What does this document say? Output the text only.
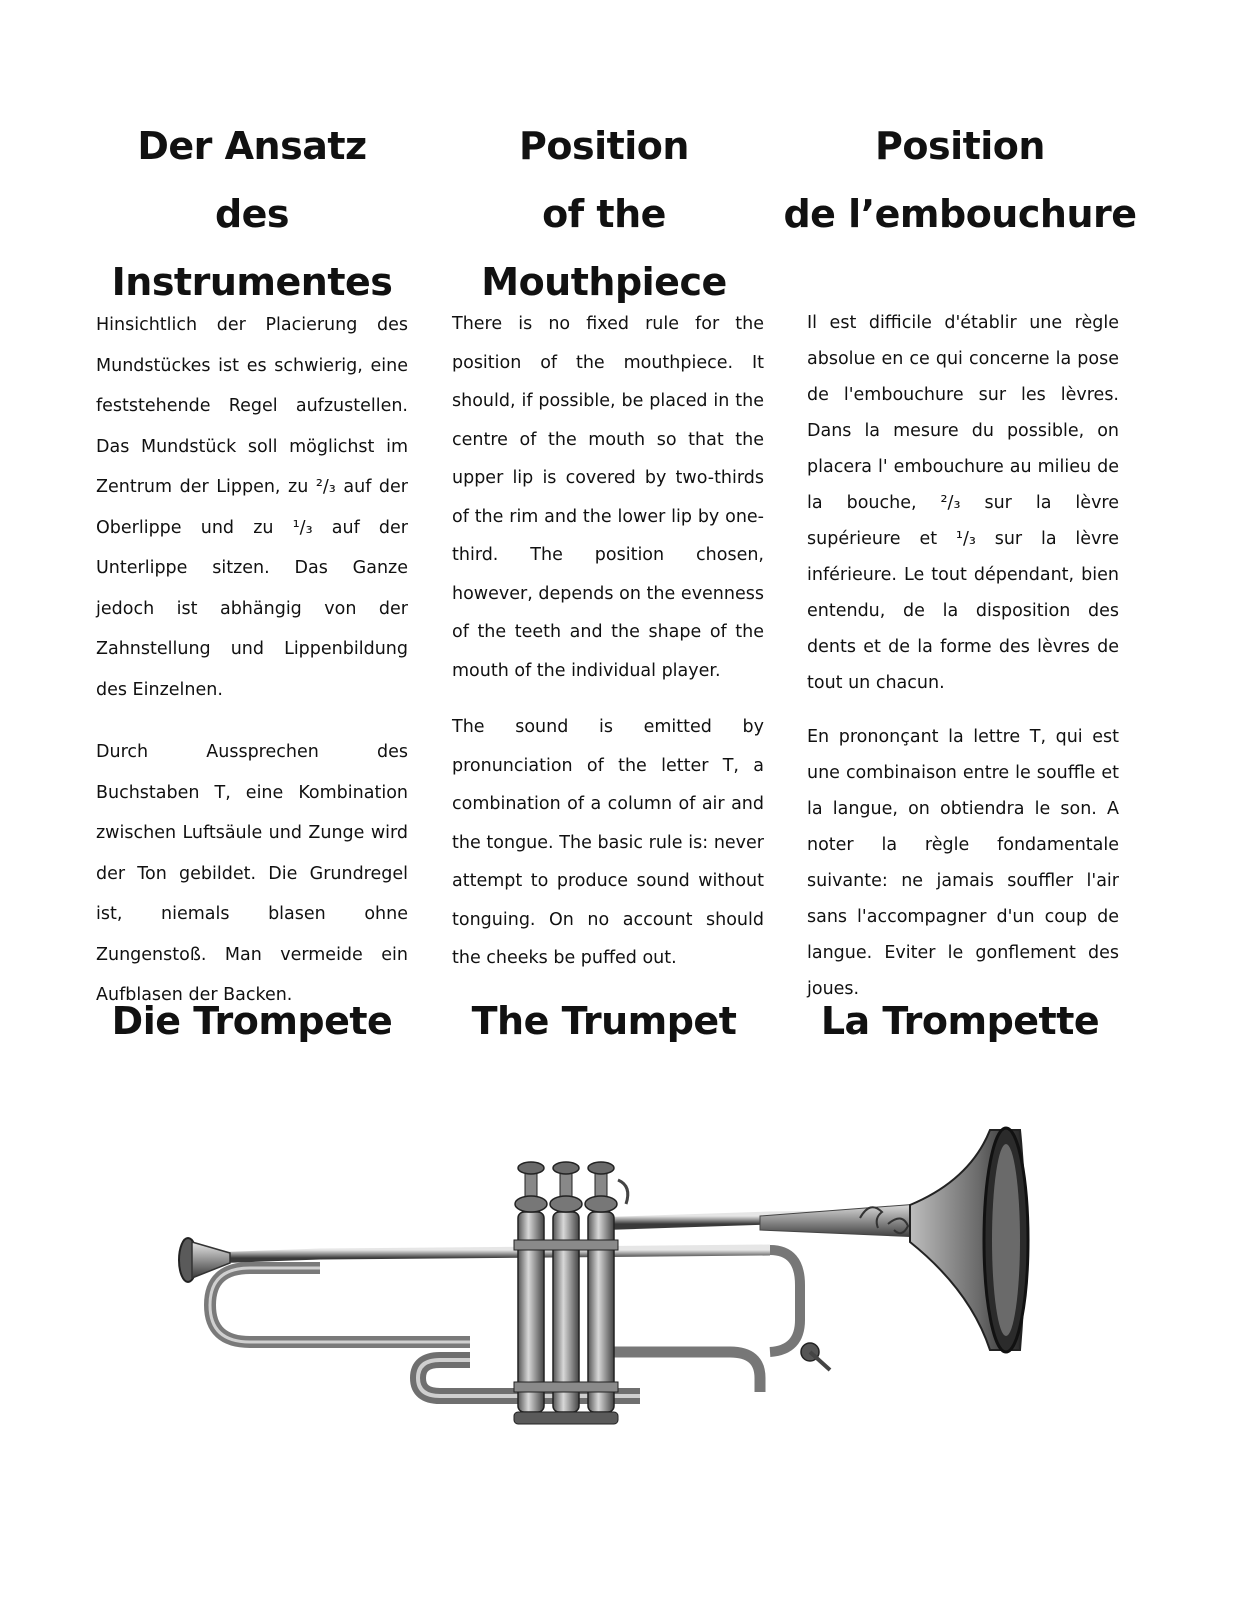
Der Ansatz
des Instrumentes
Position
of the Mouthpiece
Position
de l’embouchure

Hinsichtlich der Placierung des Mundstückes ist es schwierig, eine feststehende Regel aufzustellen. Das Mundstück soll möglichst im Zentrum der Lippen, zu ²/₃ auf der Oberlippe und zu ¹/₃ auf der Unterlippe sitzen. Das Ganze jedoch ist abhängig von der Zahnstellung und Lippenbildung des Einzelnen.

Durch Aussprechen des Buchstaben T, eine Kombination zwischen Luftsäule und Zunge wird der Ton gebildet. Die Grundregel ist, niemals blasen ohne Zungenstoß. Man vermeide ein Aufblasen der Backen.

There is no fixed rule for the position of the mouthpiece. It should, if possible, be placed in the centre of the mouth so that the upper lip is covered by two-thirds of the rim and the lower lip by one-third. The position chosen, however, depends on the evenness of the teeth and the shape of the mouth of the individual player.

The sound is emitted by pronunciation of the letter T, a combination of a column of air and the tongue. The basic rule is: never attempt to produce sound without tonguing. On no account should the cheeks be puffed out.

Il est difficile d'établir une règle absolue en ce qui concerne la pose de l'embouchure sur les lèvres. Dans la mesure du possible, on placera l' embouchure au milieu de la bouche, ²/₃ sur la lèvre supérieure et ¹/₃ sur la lèvre inférieure. Le tout dépendant, bien entendu, de la disposition des dents et de la forme des lèvres de tout un chacun.

En prononçant la lettre T, qui est une combinaison entre le souffle et la langue, on obtiendra le son. A noter la règle fondamentale suivante: ne jamais souffler l'air sans l'accompagner d'un coup de langue. Eviter le gonflement des joues.

Die Trompete	The Trumpet	La Trompette
